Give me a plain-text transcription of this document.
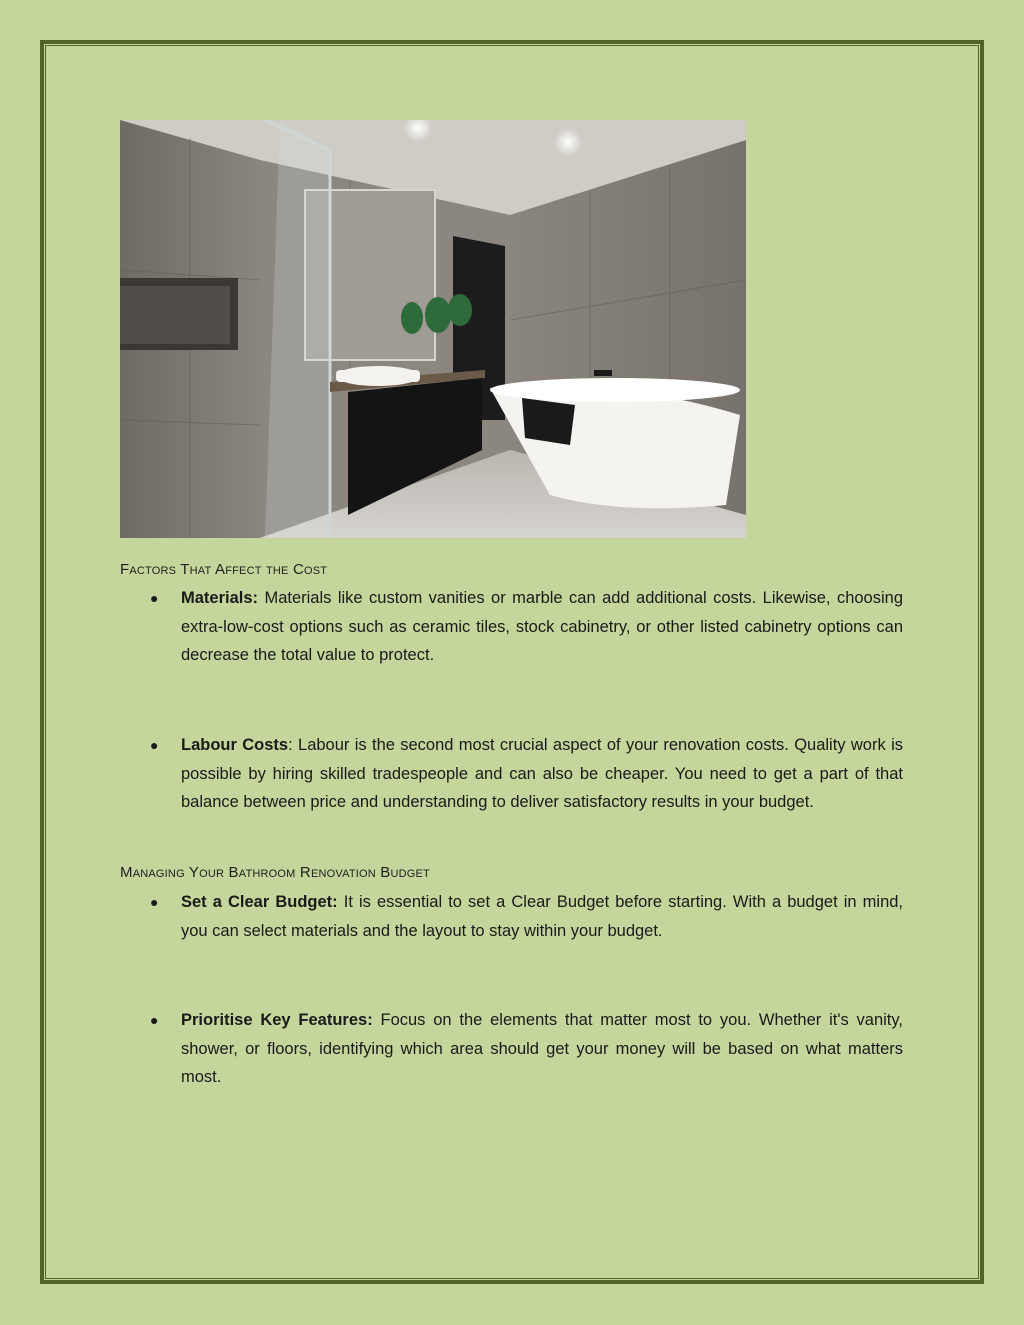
Factors That Affect the Cost
●	Materials: Materials like custom vanities or marble can add additional costs. Likewise, choosing extra-low-cost options such as ceramic tiles, stock cabinetry, or other listed cabinetry options can decrease the total value to protect.
●	Labour Costs: Labour is the second most crucial aspect of your renovation costs. Quality work is possible by hiring skilled tradespeople and can also be cheaper. You need to get a part of that balance between price and understanding to deliver satisfactory results in your budget.
Managing Your Bathroom Renovation Budget
●	Set a Clear Budget: It is essential to set a Clear Budget before starting. With a budget in mind, you can select materials and the layout to stay within your budget.
●	Prioritise Key Features: Focus on the elements that matter most to you. Whether it's vanity, shower, or floors, identifying which area should get your money will be based on what matters most.
